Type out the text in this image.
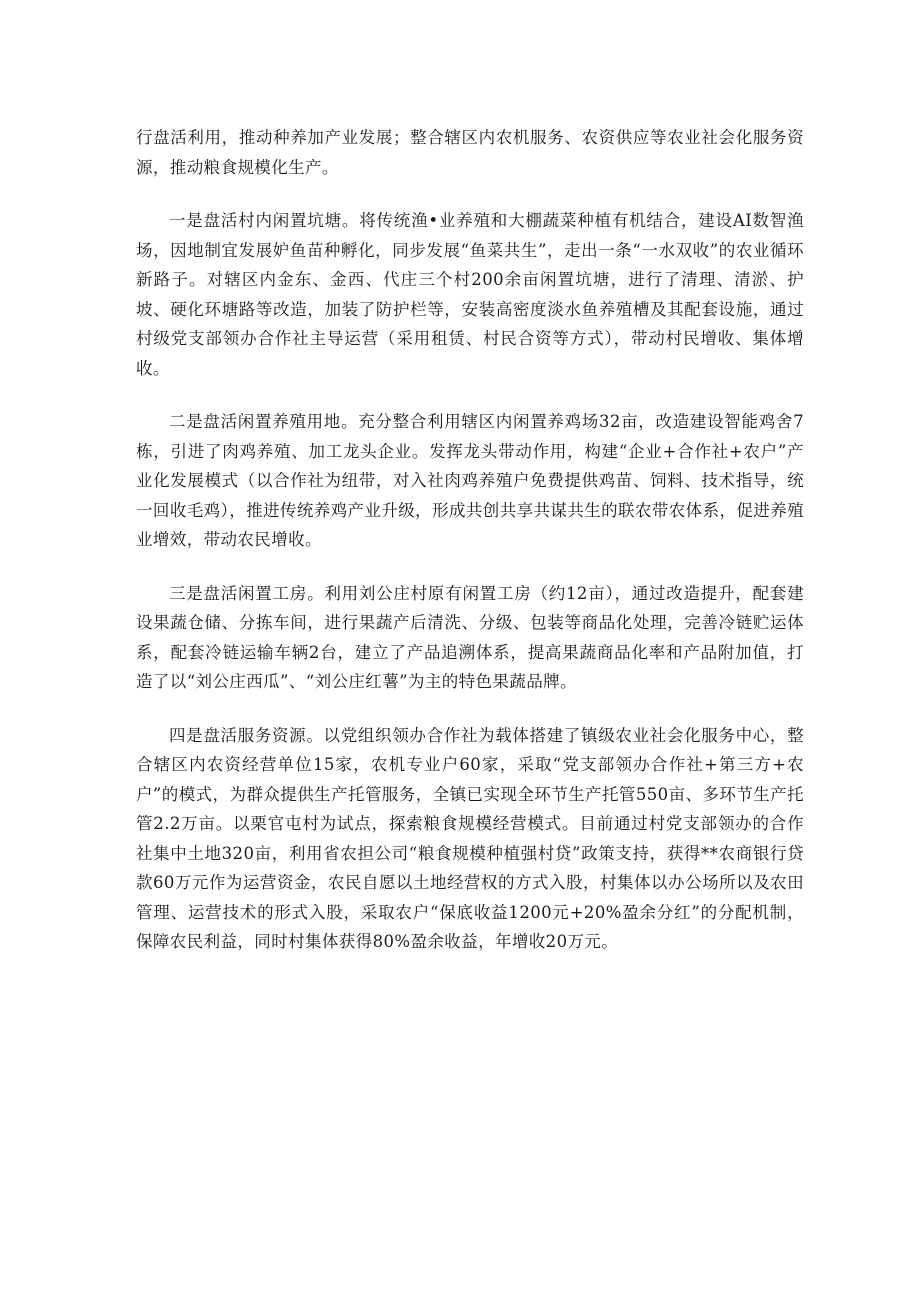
行盘活利用，推动种养加产业发展；整合辖区内农机服务、农资供应等农业社会化服务资源，推动粮食规模化生产。

一是盘活村内闲置坑塘。将传统渔•业养殖和大棚蔬菜种植有机结合，建设AI数智渔场，因地制宜发展妒鱼苗种孵化，同步发展“鱼菜共生”，走出一条“一水双收”的农业循环新路子。对辖区内金东、金西、代庄三个村200余亩闲置坑塘，进行了清理、清淤、护坡、硬化环塘路等改造，加装了防护栏等，安装高密度淡水鱼养殖槽及其配套设施，通过村级党支部领办合作社主导运营（采用租赁、村民合资等方式），带动村民增收、集体增收。

二是盘活闲置养殖用地。充分整合利用辖区内闲置养鸡场32亩，改造建设智能鸡舍7栋，引进了肉鸡养殖、加工龙头企业。发挥龙头带动作用，构建“企业+合作社+农户”产业化发展模式（以合作社为纽带，对入社肉鸡养殖户免费提供鸡苗、饲料、技术指导，统一回收毛鸡），推进传统养鸡产业升级，形成共创共享共谋共生的联农带农体系，促进养殖业增效，带动农民增收。

三是盘活闲置工房。利用刘公庄村原有闲置工房（约12亩），通过改造提升，配套建设果蔬仓储、分拣车间，进行果蔬产后清洗、分级、包装等商品化处理，完善冷链贮运体系，配套冷链运输车辆2台，建立了产品追溯体系，提高果蔬商品化率和产品附加值，打造了以“刘公庄西瓜”、“刘公庄红薯”为主的特色果蔬品牌。

四是盘活服务资源。以党组织领办合作社为载体搭建了镇级农业社会化服务中心，整合辖区内农资经营单位15家，农机专业户60家，采取“党支部领办合作社+第三方+农户”的模式，为群众提供生产托管服务，全镇已实现全环节生产托管550亩、多环节生产托管2.2万亩。以栗官屯村为试点，探索粮食规模经营模式。目前通过村党支部领办的合作社集中土地320亩，利用省农担公司“粮食规模种植强村贷”政策支持，获得**农商银行贷款60万元作为运营资金，农民自愿以土地经营权的方式入股，村集体以办公场所以及农田管理、运营技术的形式入股，采取农户“保底收益1200元+20%盈余分红”的分配机制，保障农民利益，同时村集体获得80%盈余收益，年增收20万元。
